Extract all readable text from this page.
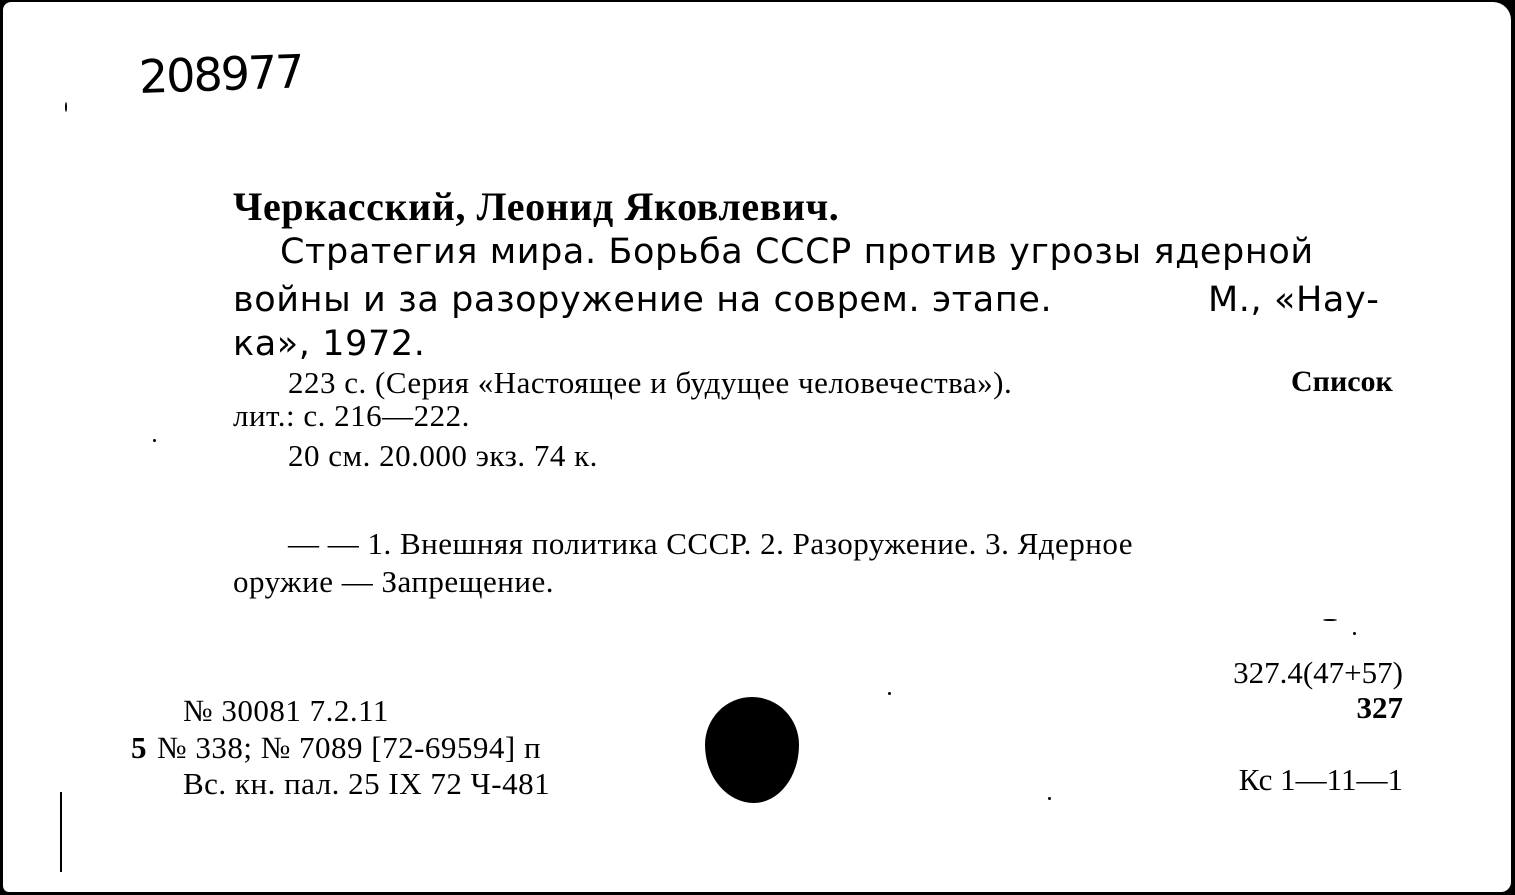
208977
Черкасский, Леонид Яковлевич.
Стратегия мира. Борьба СССР против угрозы ядерной
войны и за разоружение на соврем. этапе.	М., «Нау-
ка», 1972.
223 с. (Серия «Настоящее и будущее человечества»).	Список
лит.: с. 216—222.
20 см. 20.000 экз. 74 к.
— — 1. Внешняя политика СССР. 2. Разоружение. 3. Ядерное
оружие — Запрещение.
№ 30081 7.2.11
5 № 338; № 7089 [72-69594] п
Вс. кн. пал. 25 IX 72 Ч-481
327.4(47+57)
327
Кс 1—11—1
